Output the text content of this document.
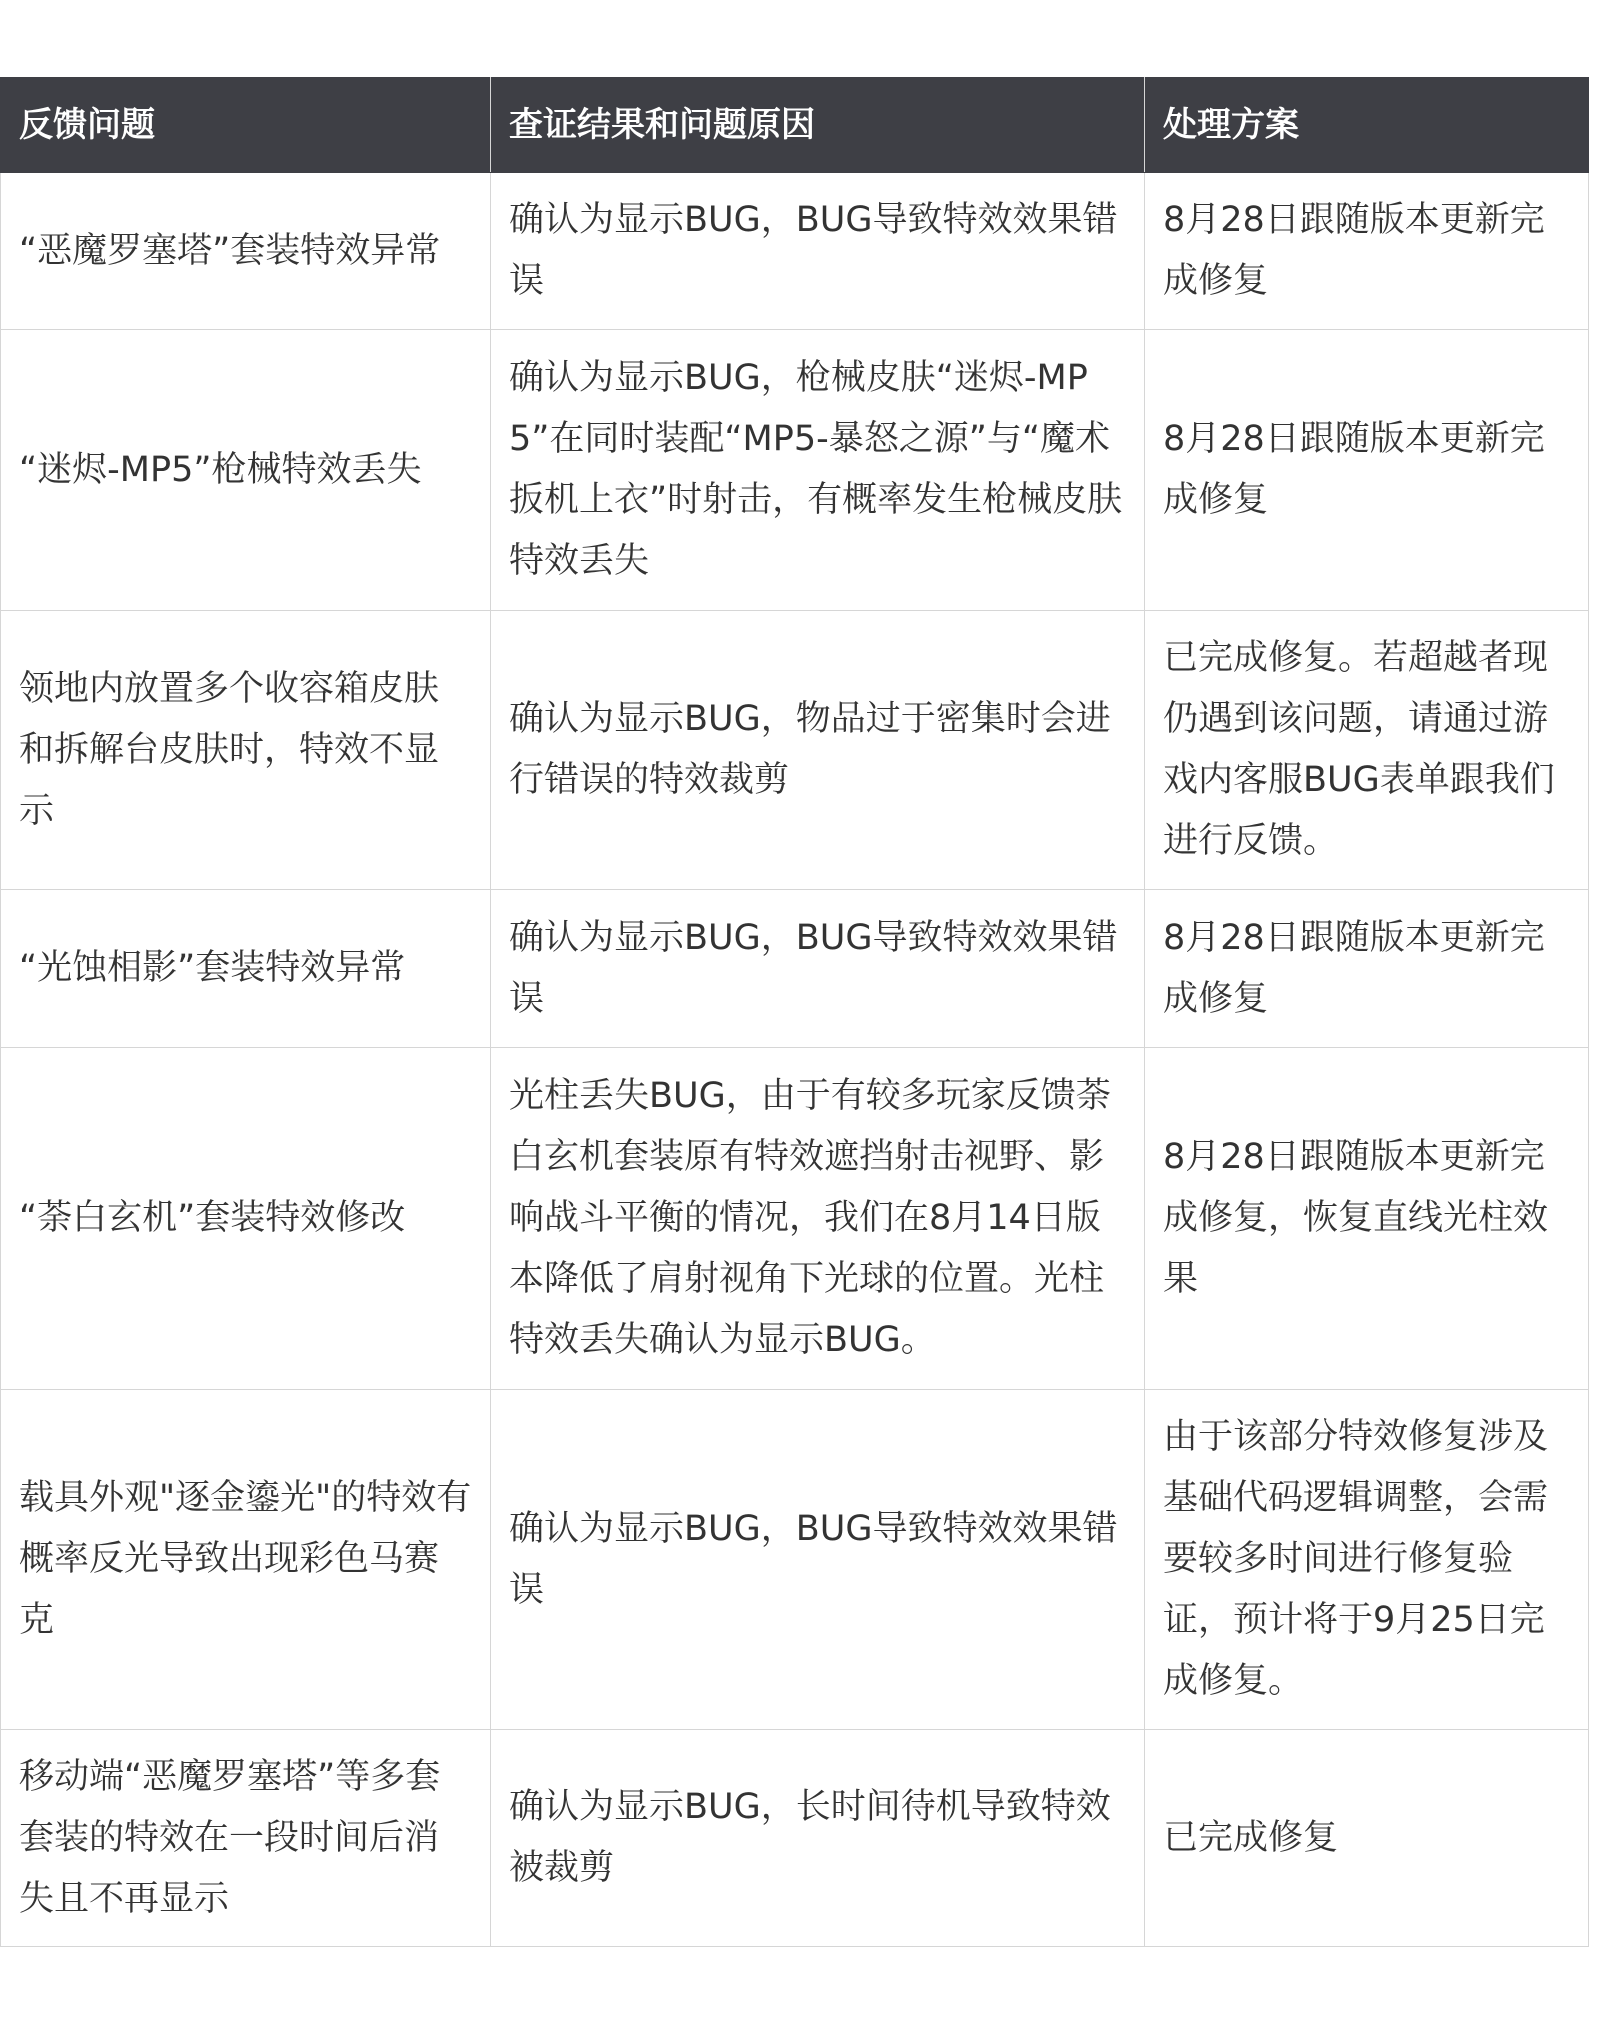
反馈问题	查证结果和问题原因	处理方案
“恶魔罗塞塔”套装特效异常	确认为显示BUG，BUG导致特效效果错误	8月28日跟随版本更新完成修复
“迷烬-MP5”枪械特效丢失	确认为显示BUG，枪械皮肤“迷烬-MP5”在同时装配“MP5-暴怒之源”与“魔术扳机上衣”时射击，有概率发生枪械皮肤特效丢失	8月28日跟随版本更新完成修复
领地内放置多个收容箱皮肤和拆解台皮肤时，特效不显示	确认为显示BUG，物品过于密集时会进行错误的特效裁剪	已完成修复。若超越者现仍遇到该问题，请通过游戏内客服BUG表单跟我们进行反馈。
“光蚀相影”套装特效异常	确认为显示BUG，BUG导致特效效果错误	8月28日跟随版本更新完成修复
“荼白玄机”套装特效修改	光柱丢失BUG，由于有较多玩家反馈荼白玄机套装原有特效遮挡射击视野、影响战斗平衡的情况，我们在8月14日版本降低了肩射视角下光球的位置。光柱特效丢失确认为显示BUG。	8月28日跟随版本更新完成修复，恢复直线光柱效果
载具外观"逐金鎏光"的特效有概率反光导致出现彩色马赛克	确认为显示BUG，BUG导致特效效果错误	由于该部分特效修复涉及基础代码逻辑调整，会需要较多时间进行修复验证，预计将于9月25日完成修复。
移动端“恶魔罗塞塔”等多套套装的特效在一段时间后消失且不再显示	确认为显示BUG，长时间待机导致特效被裁剪	已完成修复
